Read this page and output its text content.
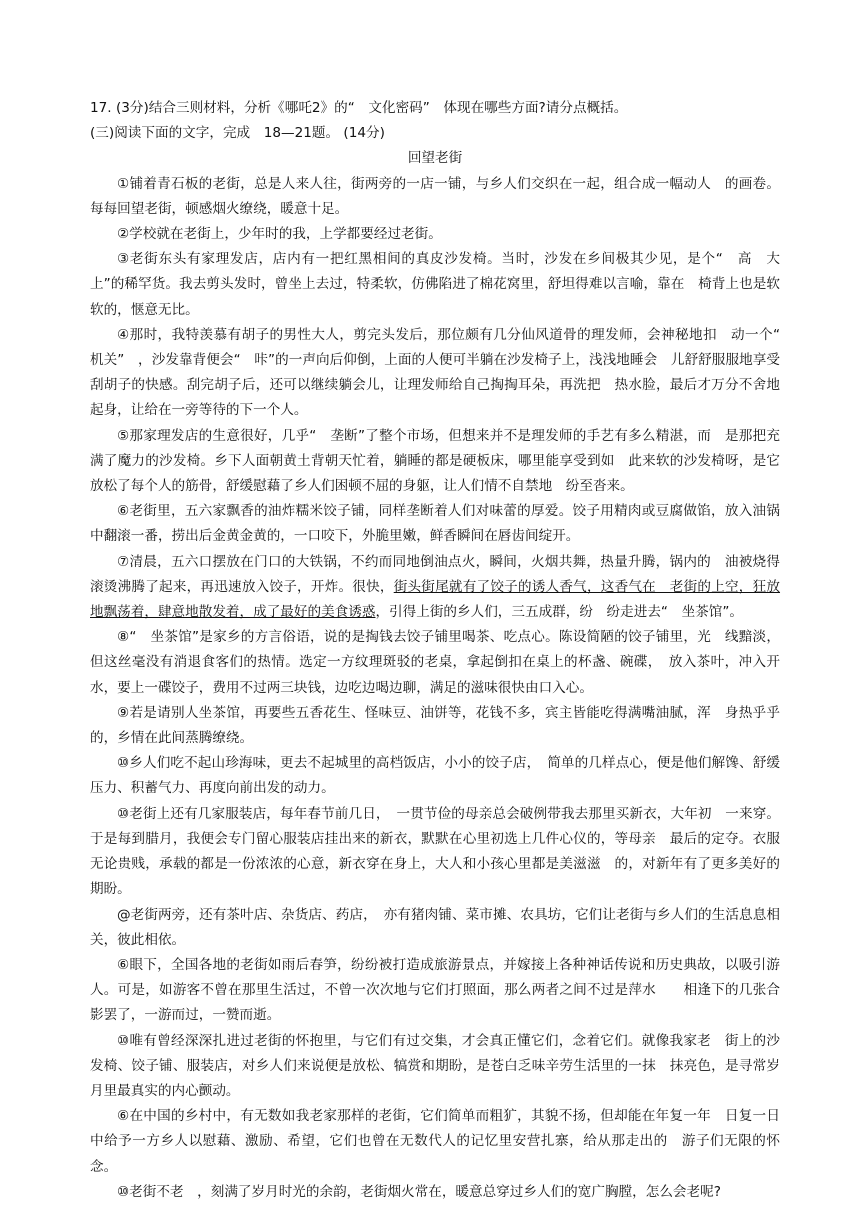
17. (3分)结合三则材料，分析《哪吒2》的“　文化密码”　体现在哪些方面?请分点概括。
(三)阅读下面的文字，完成　18—21题。 (14分)

回望老街

①铺着青石板的老街，总是人来人往，街两旁的一店一铺，与乡人们交织在一起，组合成一幅动人　的画卷。每每回望老街，顿感烟火缭绕，暖意十足。

②学校就在老街上，少年时的我，上学都要经过老街。

③老街东头有家理发店，店内有一把红黑相间的真皮沙发椅。当时，沙发在乡间极其少见，是个“　高　大上”的稀罕货。我去剪头发时，曾坐上去过，特柔软，仿佛陷进了棉花窝里，舒坦得难以言喻，靠在　椅背上也是软软的，惬意无比。

④那时，我特羡慕有胡子的男性大人，剪完头发后，那位颇有几分仙风道骨的理发师，会神秘地扣　动一个“　机关”　，沙发靠背便会“　咔”的一声向后仰倒，上面的人便可半躺在沙发椅子上，浅浅地睡会　儿舒舒服服地享受刮胡子的快感。刮完胡子后，还可以继续躺会儿，让理发师给自己掏掏耳朵，再洗把　热水脸，最后才万分不舍地起身，让给在一旁等待的下一个人。

⑤那家理发店的生意很好，几乎“　垄断”了整个市场，但想来并不是理发师的手艺有多么精湛，而　是那把充满了魔力的沙发椅。乡下人面朝黄土背朝天忙着，躺睡的都是硬板床，哪里能享受到如　此来软的沙发椅呀，是它放松了每个人的筋骨，舒缓慰藉了乡人们困顿不屈的身躯，让人们情不自禁地　纷至沓来。

⑥老街里，五六家飘香的油炸糯米饺子铺，同样垄断着人们对味蕾的厚爱。饺子用精肉或豆腐做馅，放入油锅中翻滚一番，捞出后金黄金黄的，一口咬下，外脆里嫩，鲜香瞬间在唇齿间绽开。

⑦清晨，五六口摆放在门口的大铁锅，不约而同地倒油点火，瞬间，火烟共舞，热量升腾，锅内的　油被烧得滚烫沸腾了起来，再迅速放入饺子，开炸。很快，街头街尾就有了饺子的诱人香气，这香气在　老街的上空，狂放地飘荡着，肆意地散发着，成了最好的美食诱惑，引得上街的乡人们，三五成群，纷　纷走进去“　坐茶馆”。

⑧“　坐茶馆”是家乡的方言俗语，说的是掏钱去饺子铺里喝茶、吃点心。陈设简陋的饺子铺里，光　线黯淡，但这丝毫没有消退食客们的热情。选定一方纹理斑驳的老桌，拿起倒扣在桌上的杯盏、碗碟，　放入茶叶，冲入开水，要上一碟饺子，费用不过两三块钱，边吃边喝边聊，满足的滋味很快由口入心。

⑨若是请别人坐茶馆，再要些五香花生、怪味豆、油饼等，花钱不多，宾主皆能吃得满嘴油腻，浑　身热乎乎的，乡情在此间蒸腾缭绕。

⑩乡人们吃不起山珍海味，更去不起城里的高档饭店，小小的饺子店，　简单的几样点心，便是他们解馋、舒缓压力、积蓄气力、再度向前出发的动力。

⑩老街上还有几家服装店，每年春节前几日，　一贯节俭的母亲总会破例带我去那里买新衣，大年初　一来穿。于是每到腊月，我便会专门留心服装店挂出来的新衣，默默在心里初选上几件心仪的，等母亲　最后的定夺。衣服无论贵贱，承载的都是一份浓浓的心意，新衣穿在身上，大人和小孩心里都是美滋滋　的，对新年有了更多美好的期盼。

@老街两旁，还有茶叶店、杂货店、药店，　亦有猪肉铺、菜市摊、农具坊，它们让老街与乡人们的生活息息相关，彼此相依。

⑥眼下，全国各地的老街如雨后春笋，纷纷被打造成旅游景点，并嫁接上各种神话传说和历史典故，以吸引游人。可是，如游客不曾在那里生活过，不曾一次次地与它们打照面，那么两者之间不过是萍水　　相逢下的几张合影罢了，一游而过，一赞而逝。

⑩唯有曾经深深扎进过老街的怀抱里，与它们有过交集，才会真正懂它们，念着它们。就像我家老　街上的沙发椅、饺子铺、服装店，对乡人们来说便是放松、犒赏和期盼，是苍白乏味辛劳生活里的一抹　抹亮色，是寻常岁月里最真实的内心颤动。

⑥在中国的乡村中，有无数如我老家那样的老街，它们简单而粗犷，其貌不扬，但却能在年复一年　日复一日中给予一方乡人以慰藉、激励、希望，它们也曾在无数代人的记忆里安营扎寨，给从那走出的　游子们无限的怀念。

⑩老街不老　，刻满了岁月时光的余韵，老街烟火常在，暖意总穿过乡人们的宽广胸膛，怎么会老呢?
